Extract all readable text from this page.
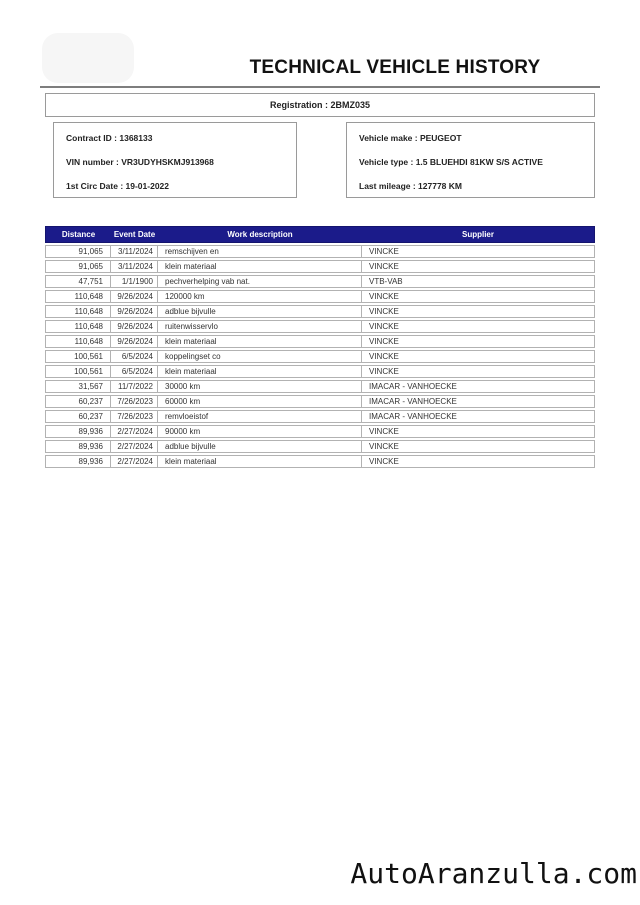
TECHNICAL VEHICLE HISTORY
Registration : 2BMZ035
Contract ID : 1368133
VIN number : VR3UDYHSKMJ913968
1st Circ Date : 19-01-2022
Vehicle make : PEUGEOT
Vehicle type : 1.5 BLUEHDI 81KW S/S ACTIVE
Last mileage : 127778 KM
Distance	Event Date	Work description	Supplier
91,065	3/11/2024	remschijven en	VINCKE
91,065	3/11/2024	klein materiaal	VINCKE
47,751	1/1/1900	pechverhelping vab nat.	VTB-VAB
110,648	9/26/2024	120000 km	VINCKE
110,648	9/26/2024	adblue bijvulle	VINCKE
110,648	9/26/2024	ruitenwisservlo	VINCKE
110,648	9/26/2024	klein materiaal	VINCKE
100,561	6/5/2024	koppelingset co	VINCKE
100,561	6/5/2024	klein materiaal	VINCKE
31,567	11/7/2022	30000 km	IMACAR - VANHOECKE
60,237	7/26/2023	60000 km	IMACAR - VANHOECKE
60,237	7/26/2023	remvloeistof	IMACAR - VANHOECKE
89,936	2/27/2024	90000 km	VINCKE
89,936	2/27/2024	adblue bijvulle	VINCKE
89,936	2/27/2024	klein materiaal	VINCKE
AutoAranzulla.com
